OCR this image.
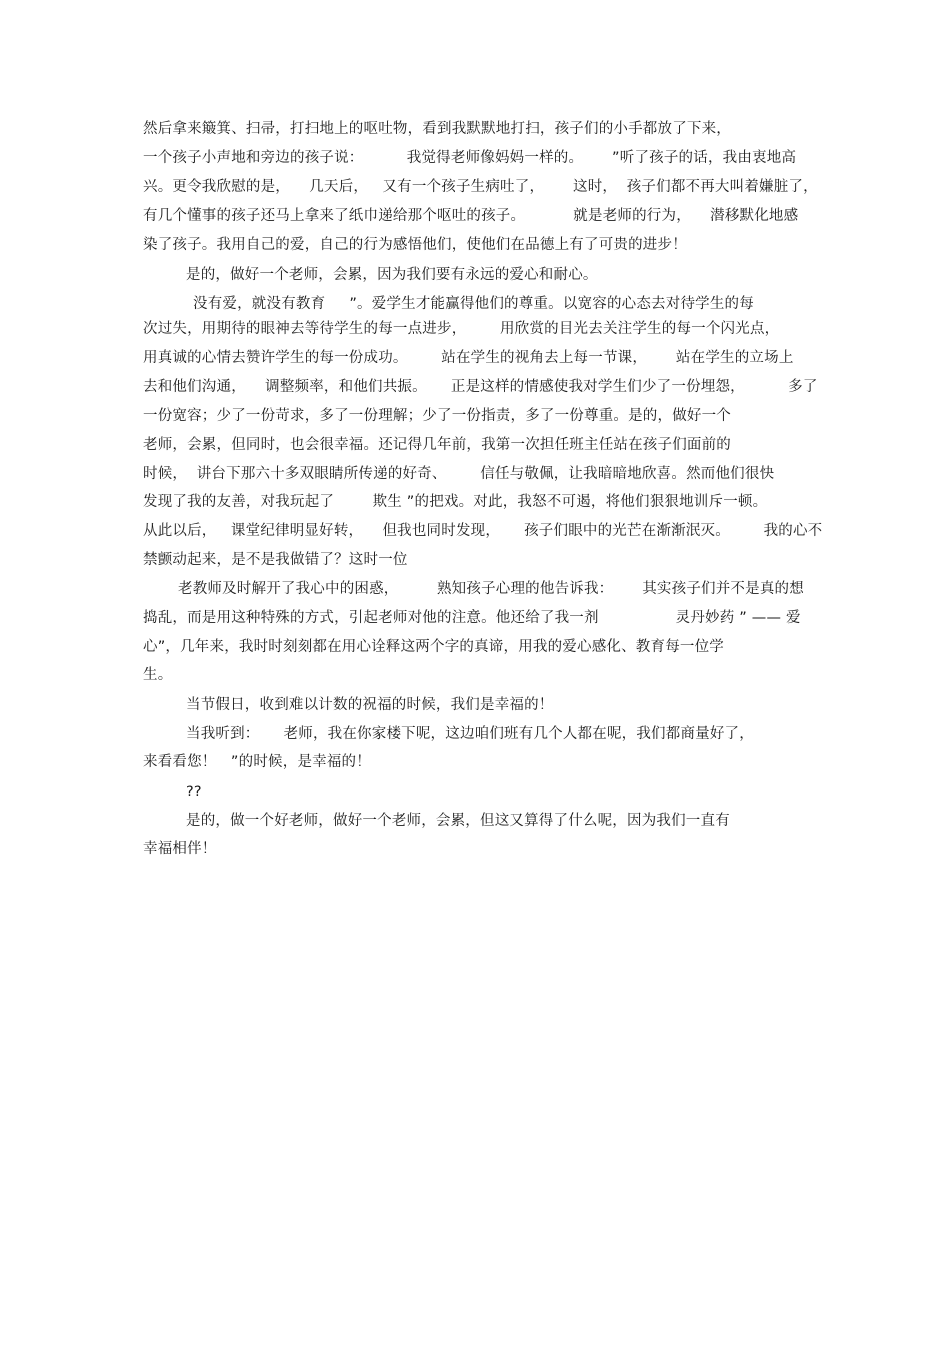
然后拿来簸箕、扫帚，打扫地上的呕吐物，看到我默默地打扫，孩子们的小手都放了下来，
一个孩子小声地和旁边的孩子说：         我觉得老师像妈妈一样的。      ”听了孩子的话，我由衷地高
兴。更令我欣慰的是，    几天后，   又有一个孩子生病吐了，      这时，  孩子们都不再大叫着嫌脏了，
有几个懂事的孩子还马上拿来了纸巾递给那个呕吐的孩子。          就是老师的行为，    潜移默化地感
染了孩子。我用自己的爱，自己的行为感悟他们，使他们在品德上有了可贵的进步！
是的，做好一个老师，会累，因为我们要有永远的爱心和耐心。
没有爱，就没有教育     ”。爱学生才能赢得他们的尊重。以宽容的心态去对待学生的每
次过失，用期待的眼神去等待学生的每一点进步，       用欣赏的目光去关注学生的每一个闪光点，
用真诚的心情去赞许学生的每一份成功。       站在学生的视角去上每一节课，      站在学生的立场上
去和他们沟通，    调整频率，和他们共振。     正是这样的情感使我对学生们少了一份埋怨，         多了
一份宽容；少了一份苛求，多了一份理解；少了一份指责，多了一份尊重。是的，做好一个
老师，会累，但同时，也会很幸福。还记得几年前，我第一次担任班主任站在孩子们面前的
时候，  讲台下那六十多双眼睛所传递的好奇、       信任与敬佩，让我暗暗地欣喜。然而他们很快
发现了我的友善，对我玩起了        欺生 ”的把戏。对此，我怒不可遏，将他们狠狠地训斥一顿。
从此以后，   课堂纪律明显好转，    但我也同时发现，     孩子们眼中的光芒在渐渐泯灭。       我的心不
禁颤动起来，是不是我做错了？这时一位
老教师及时解开了我心中的困惑，        熟知孩子心理的他告诉我：      其实孩子们并不是真的想
捣乱，而是用这种特殊的方式，引起老师对他的注意。他还给了我一剂                灵丹妙药 ” —— 爱
心”，几年来，我时时刻刻都在用心诠释这两个字的真谛，用我的爱心感化、教育每一位学
生。
当节假日，收到难以计数的祝福的时候，我们是幸福的！
当我听到：     老师，我在你家楼下呢，这边咱们班有几个人都在呢，我们都商量好了，
来看看您！   ”的时候，是幸福的！
??
是的，做一个好老师，做好一个老师，会累，但这又算得了什么呢，因为我们一直有
幸福相伴！
